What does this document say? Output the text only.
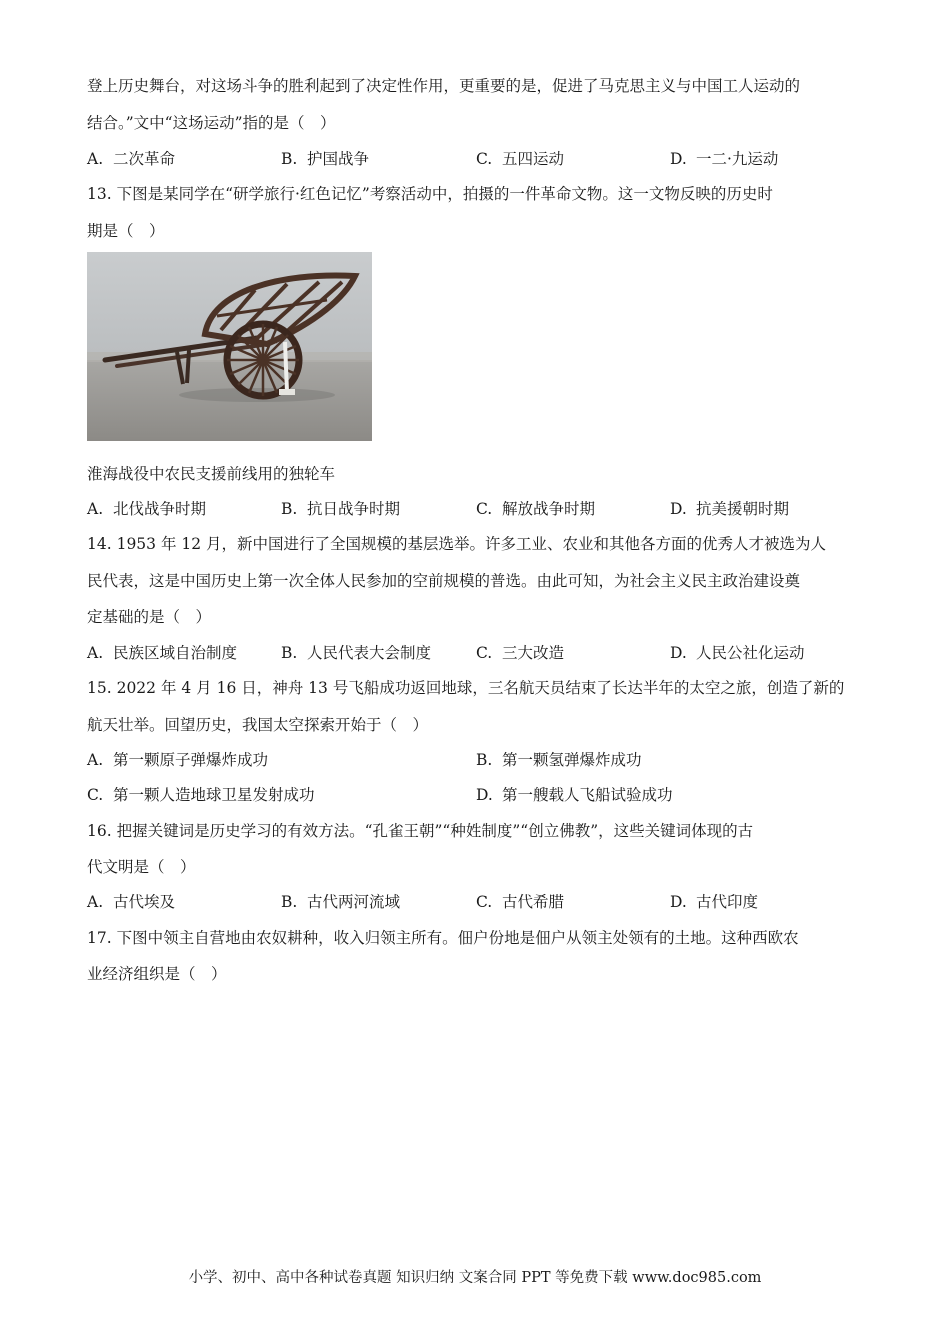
登上历史舞台，对这场斗争的胜利起到了决定性作用，更重要的是，促进了马克思主义与中国工人运动的
结合。”文中“这场运动”指的是（　）
A. 二次革命	B. 护国战争	C. 五四运动	D. 一二·九运动
13. 下图是某同学在“研学旅行·红色记忆”考察活动中，拍摄的一件革命文物。这一文物反映的历史时
期是（　）
淮海战役中农民支援前线用的独轮车
A. 北伐战争时期	B. 抗日战争时期	C. 解放战争时期	D. 抗美援朝时期
14. 1953 年 12 月，新中国进行了全国规模的基层选举。许多工业、农业和其他各方面的优秀人才被选为人
民代表，这是中国历史上第一次全体人民参加的空前规模的普选。由此可知，为社会主义民主政治建设奠
定基础的是（　）
A. 民族区域自治制度	B. 人民代表大会制度	C. 三大改造	D. 人民公社化运动
15. 2022 年 4 月 16 日，神舟 13 号飞船成功返回地球，三名航天员结束了长达半年的太空之旅，创造了新的
航天壮举。回望历史，我国太空探索开始于（　）
A. 第一颗原子弹爆炸成功	B. 第一颗氢弹爆炸成功
C. 第一颗人造地球卫星发射成功	D. 第一艘载人飞船试验成功
16. 把握关键词是历史学习的有效方法。“孔雀王朝”“种姓制度”“创立佛教”，这些关键词体现的古
代文明是（　）
A. 古代埃及	B. 古代两河流域	C. 古代希腊	D. 古代印度
17. 下图中领主自营地由农奴耕种，收入归领主所有。佃户份地是佃户从领主处领有的土地。这种西欧农
业经济组织是（　）
小学、初中、高中各种试卷真题 知识归纳 文案合同 PPT 等免费下载 www.doc985.com
